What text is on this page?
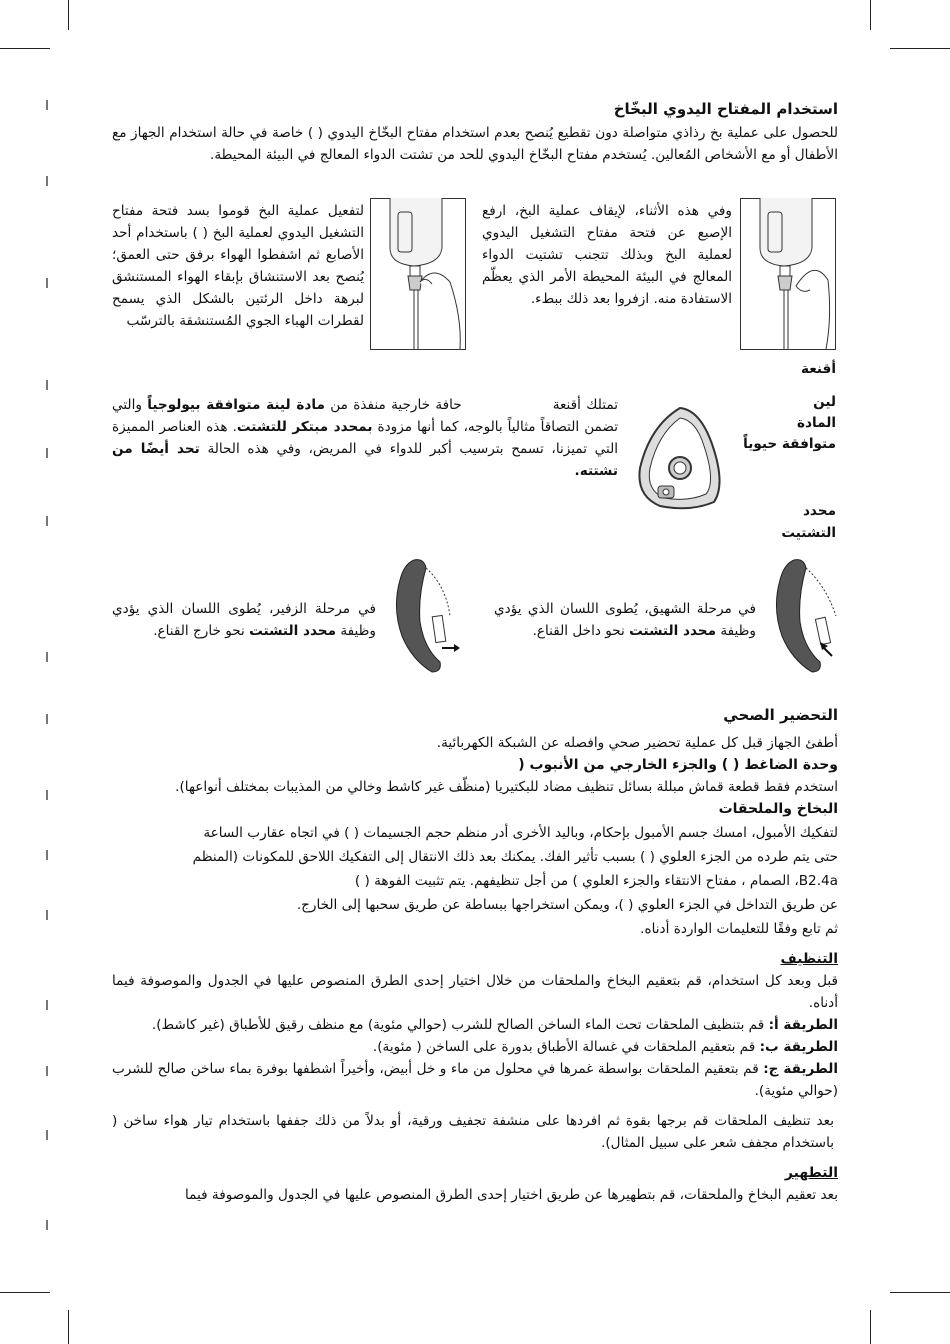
استخدام المفتاح اليدوي البخّاخ

للحصول على عملية بخ رذاذي متواصلة دون تقطيع يُنصح بعدم استخدام مفتاح البخّاخ اليدوي ( ) خاصة في حالة استخدام الجهاز مع الأطفال أو مع الأشخاص المُعالين. يُستخدم مفتاح البخّاخ اليدوي للحد من تشتت الدواء المعالج في البيئة المحيطة.

وفي هذه الأثناء، لإيقاف عملية البخ، ارفع الإصبع عن فتحة مفتاح التشغيل اليدوي لعملية البخ وبذلك تتجنب تشتيت الدواء المعالج في البيئة المحيطة الأمر الذي يعظّم الاستفادة منه. ازفروا بعد ذلك ببطء.
لتفعيل عملية البخ قوموا بسد فتحة مفتاح التشغيل اليدوي لعملية البخ ( ) باستخدام أحد الأصابع ثم اشفطوا الهواء برفق حتى العمق؛ يُنصح بعد الاستنشاق بإبقاء الهواء المستنشق لبرهة داخل الرئتين بالشكل الذي يسمح لقطرات الهباء الجوي المُستنشقة بالترسّب
أقنعة
لين
المادة
متوافقة حيوياً
محدد
التشتيت
تمتلك أقنعة                 حافة خارجية منفذة من مادة لينة متوافقة بيولوجياً والتي تضمن التصاقاً مثالياً بالوجه، كما أنها مزودة بمحدد مبتكر للتشتت. هذه العناصر المميزة التي تميزنا، تسمح بترسيب أكبر للدواء في المريض، وفي هذه الحالة تحد أيضًا من تشتته.
في مرحلة الشهيق، يُطوى اللسان الذي يؤدي وظيفة محدد التشتت نحو داخل القناع.
في مرحلة الزفير، يُطوى اللسان الذي يؤدي وظيفة محدد التشتت نحو خارج القناع.
التحضير الصحي

أطفئ الجهاز قبل كل عملية تحضير صحي وافصله عن الشبكة الكهربائية.

وحدة الضاغط ( ) والجزء الخارجي من الأنبوب (

استخدم فقط قطعة قماش مبللة بسائل تنظيف مضاد للبكتيريا (منظّف غير كاشط وخالي من المذيبات بمختلف أنواعها).

البخاخ والملحقات

لتفكيك الأمبول، امسك جسم الأمبول بإحكام، وباليد الأخرى أدر منظم حجم الجسيمات ( ) في اتجاه عقارب الساعة

حتى يتم طرده من الجزء العلوي ( ) بسبب تأثير الفك. يمكنك بعد ذلك الانتقال إلى التفكيك اللاحق للمكونات (المنظم

B2.4a، الصمام ، مفتاح الانتقاء والجزء العلوي ) من أجل تنظيفهم. يتم تثبيت الفوهة ( )

عن طريق التداخل في الجزء العلوي ( )، ويمكن استخراجها ببساطة عن طريق سحبها إلى الخارج.

ثم تابع وفقًا للتعليمات الواردة أدناه.

التنظيف

قبل وبعد كل استخدام، قم بتعقيم البخاخ والملحقات من خلال اختيار إحدى الطرق المنصوص عليها في الجدول والموصوفة فيما أدناه.

الطريقة أ: قم بتنظيف الملحقات تحت الماء الساخن الصالح للشرب (حوالي مئوية) مع منظف رقيق للأطباق (غير كاشط).

الطريقة ب: قم بتعقيم الملحقات في غسالة الأطباق بدورة على الساخن ( مئوية).

الطريقة ج: قم بتعقيم الملحقات بواسطة غمرها في محلول من ماء و خل أبيض، وأخيراً اشطفها بوفرة بماء ساخن صالح للشرب (حوالي مئوية).

بعد تنظيف الملحقات قم برجها بقوة ثم افردها على منشفة تجفيف ورقية، أو بدلاً من ذلك جففها باستخدام تيار هواء ساخن ( باستخدام مجفف شعر على سبيل المثال).

التطهير

بعد تعقيم البخاخ والملحقات، قم بتطهيرها عن طريق اختيار إحدى الطرق المنصوص عليها في الجدول والموصوفة فيما
